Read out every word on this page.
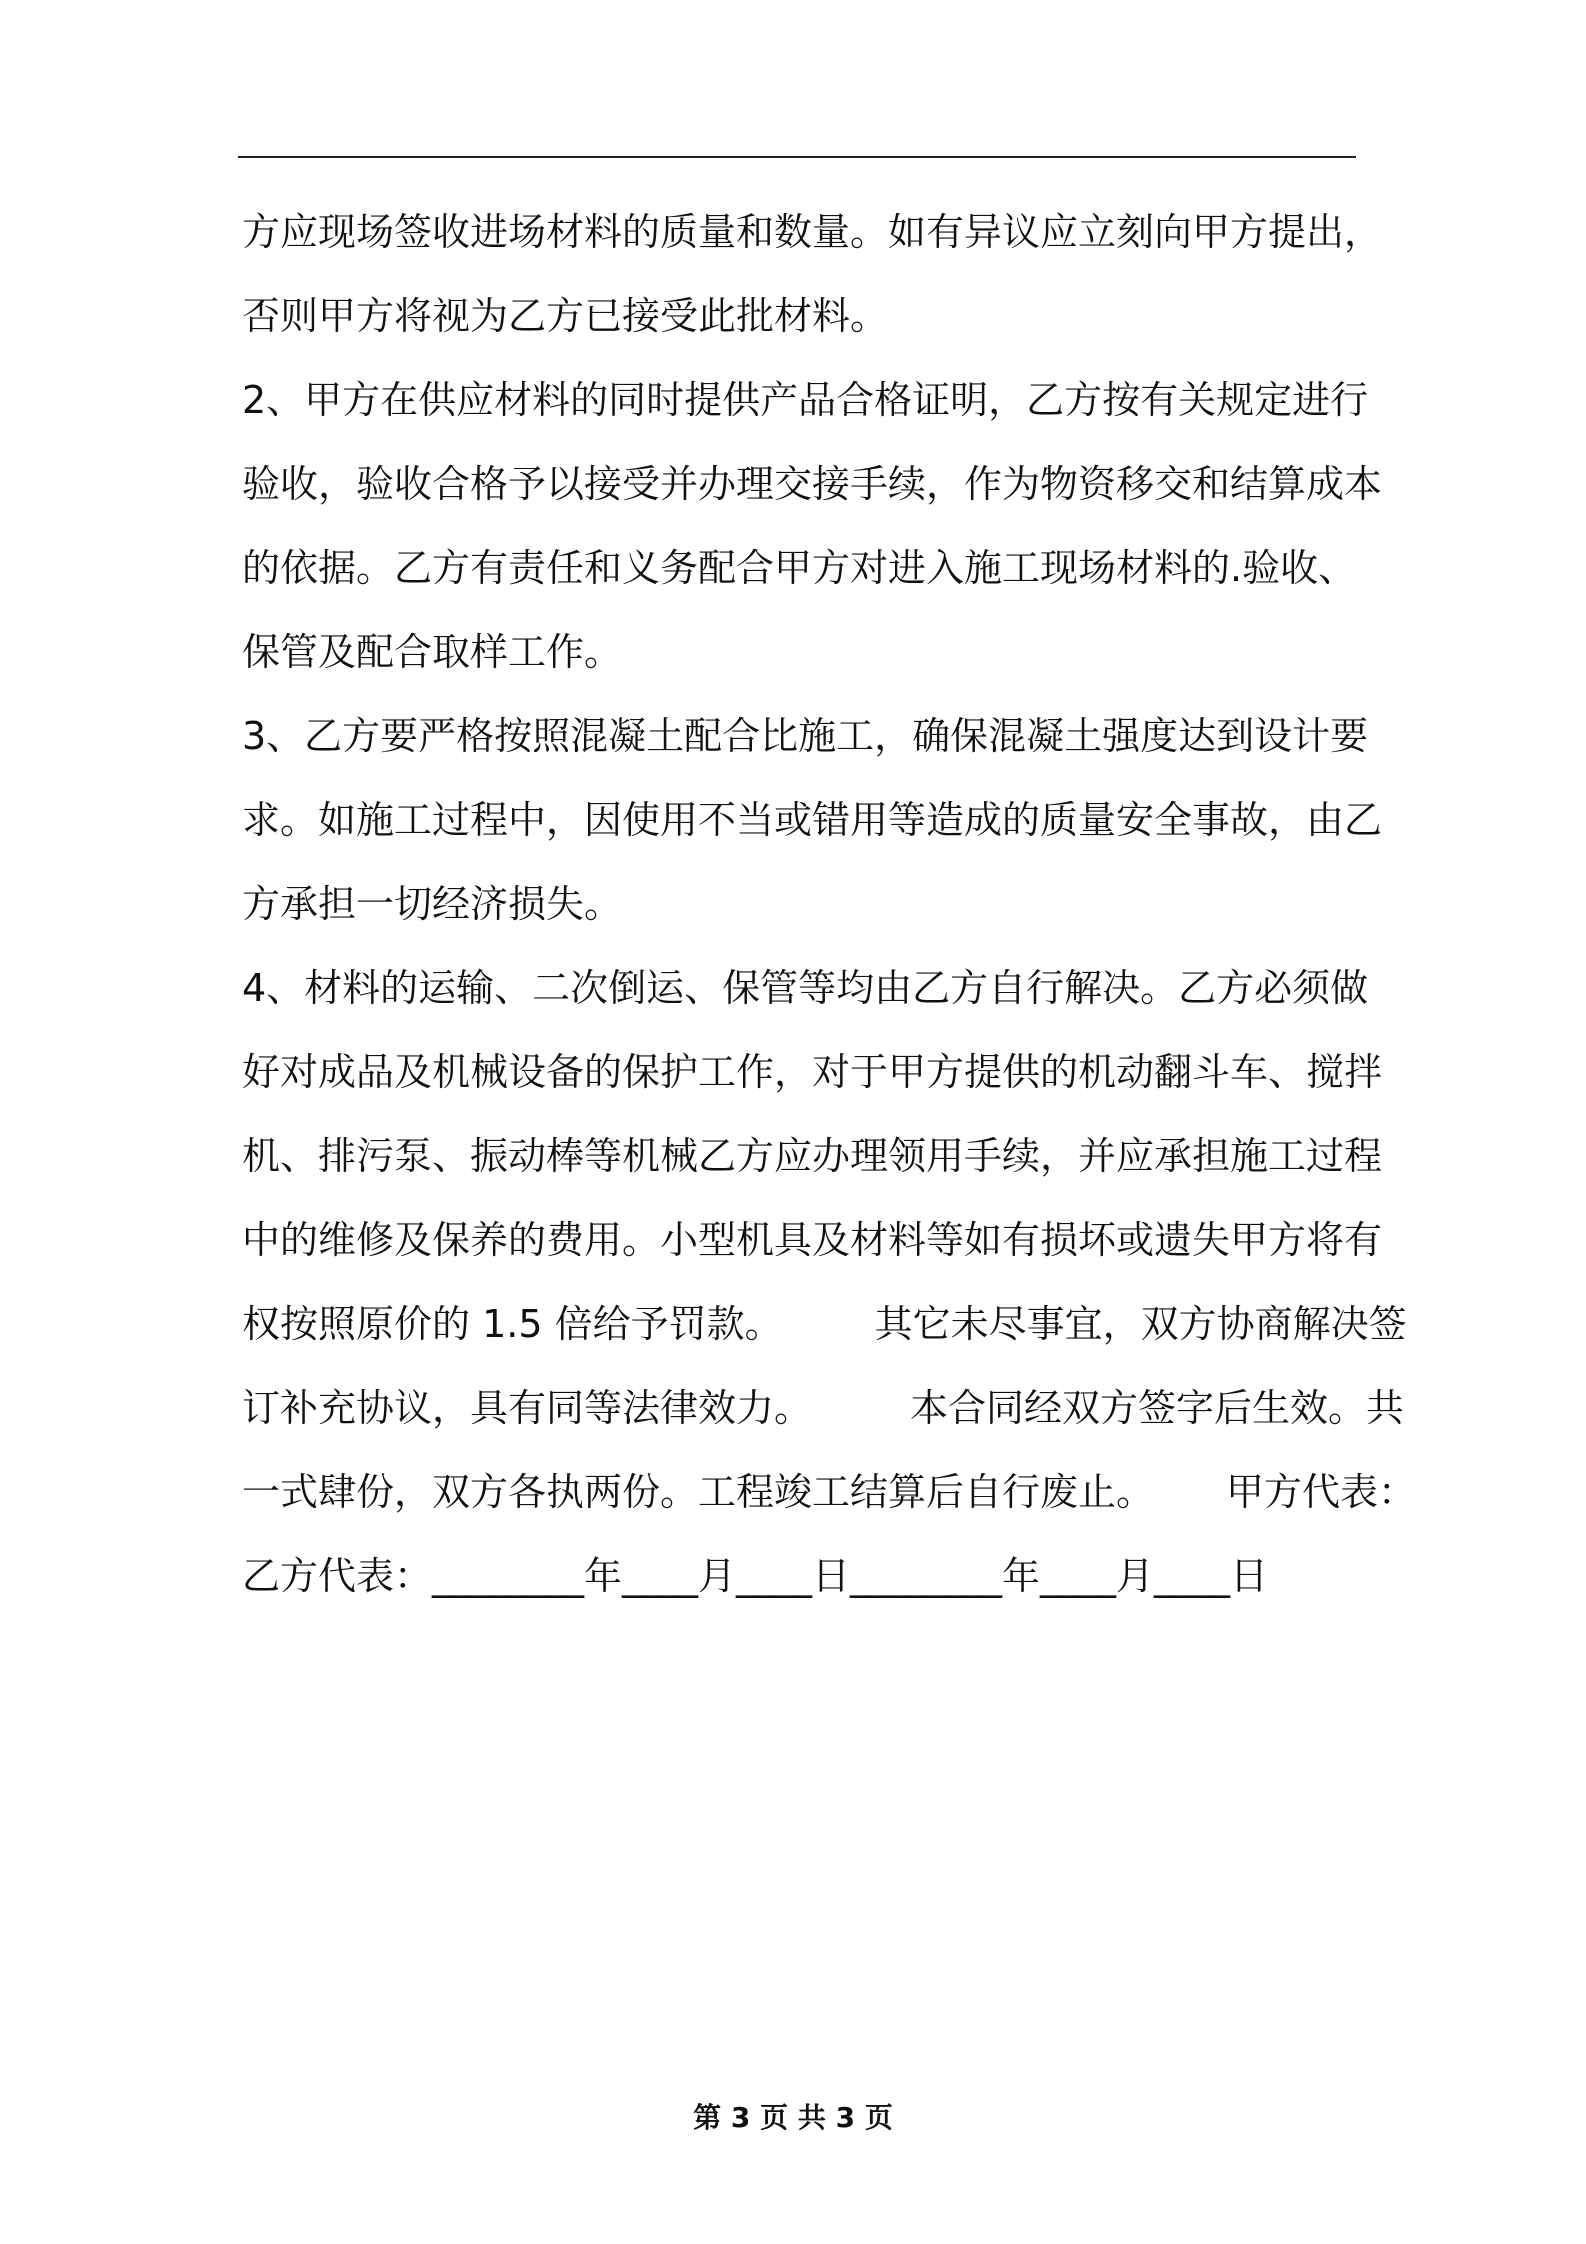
方应现场签收进场材料的质量和数量。如有异议应立刻向甲方提出，
否则甲方将视为乙方已接受此批材料。
2、甲方在供应材料的同时提供产品合格证明，乙方按有关规定进行
验收，验收合格予以接受并办理交接手续，作为物资移交和结算成本
的依据。乙方有责任和义务配合甲方对进入施工现场材料的.验收、
保管及配合取样工作。
3、乙方要严格按照混凝土配合比施工，确保混凝土强度达到设计要
求。如施工过程中，因使用不当或错用等造成的质量安全事故，由乙
方承担一切经济损失。
4、材料的运输、二次倒运、保管等均由乙方自行解决。乙方必须做
好对成品及机械设备的保护工作，对于甲方提供的机动翻斗车、搅拌
机、排污泵、振动棒等机械乙方应办理领用手续，并应承担施工过程
中的维修及保养的费用。小型机具及材料等如有损坏或遗失甲方将有
权按照原价的 1.5 倍给予罚款。 其它未尽事宜，双方协商解决签
订补充协议，具有同等法律效力。	本合同经双方签字后生效。共
一式肆份，双方各执两份。工程竣工结算后自行废止。 甲方代表：
乙方代表：________年____月____日________年____月____日
第 3 页 共 3 页
